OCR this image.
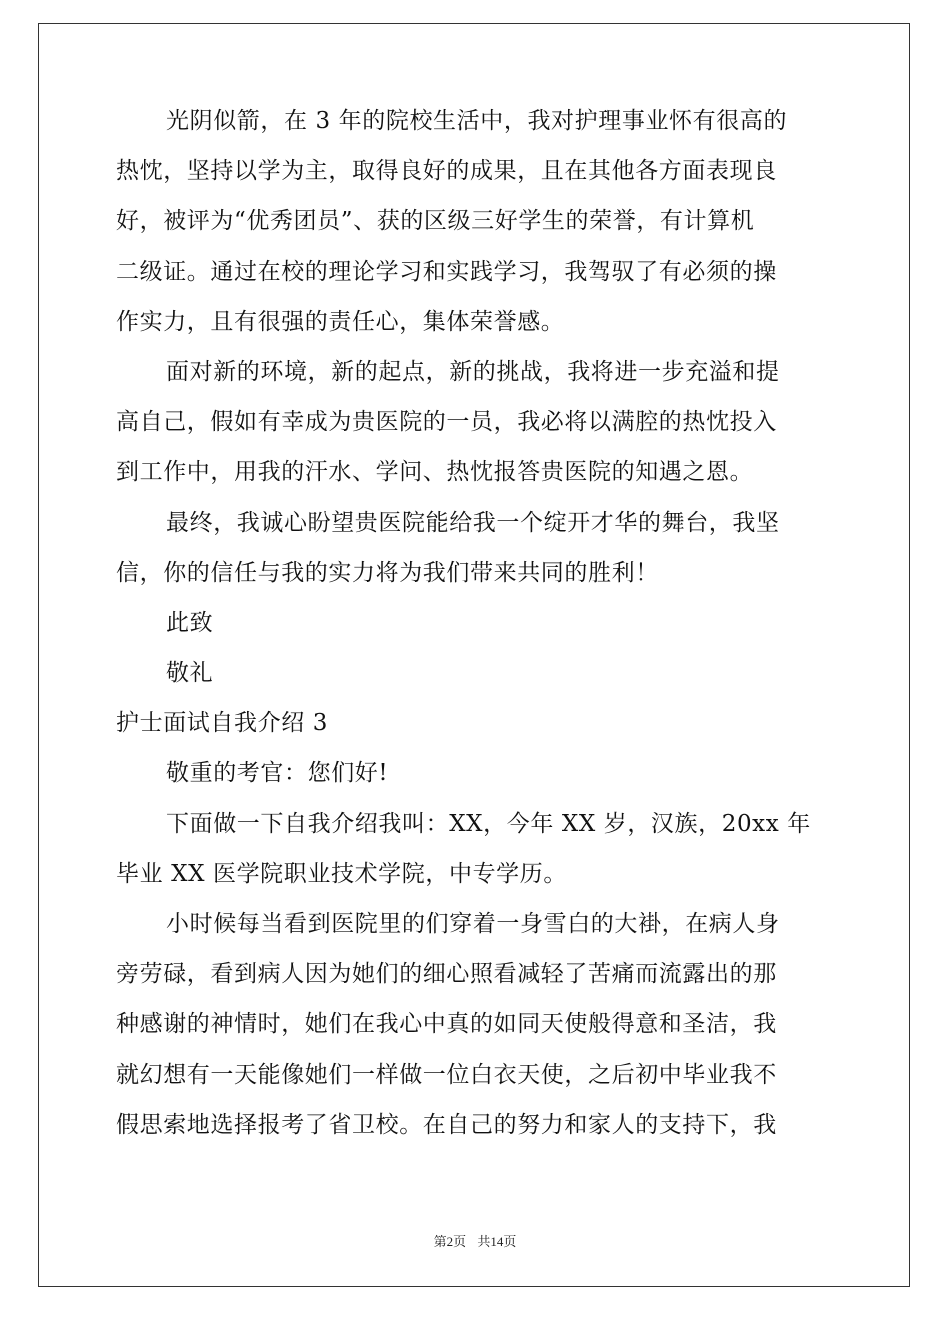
光阴似箭，在 3 年的院校生活中，我对护理事业怀有很高的
热忱，坚持以学为主，取得良好的成果，且在其他各方面表现良
好，被评为“优秀团员”、获的区级三好学生的荣誉，有计算机
二级证。通过在校的理论学习和实践学习，我驾驭了有必须的操
作实力，且有很强的责任心，集体荣誉感。
面对新的环境，新的起点，新的挑战，我将进一步充溢和提
高自己，假如有幸成为贵医院的一员，我必将以满腔的热忱投入
到工作中，用我的汗水、学问、热忱报答贵医院的知遇之恩。
最终，我诚心盼望贵医院能给我一个绽开才华的舞台，我坚
信，你的信任与我的实力将为我们带来共同的胜利！
此致
敬礼
护士面试自我介绍 3
敬重的考官：您们好!
下面做一下自我介绍我叫：XX，今年 XX 岁，汉族，20xx 年
毕业 XX 医学院职业技术学院，中专学历。
小时候每当看到医院里的们穿着一身雪白的大褂，在病人身
旁劳碌，看到病人因为她们的细心照看减轻了苦痛而流露出的那
种感谢的神情时，她们在我心中真的如同天使般得意和圣洁，我
就幻想有一天能像她们一样做一位白衣天使，之后初中毕业我不
假思索地选择报考了省卫校。在自己的努力和家人的支持下，我
第2页 共14页
